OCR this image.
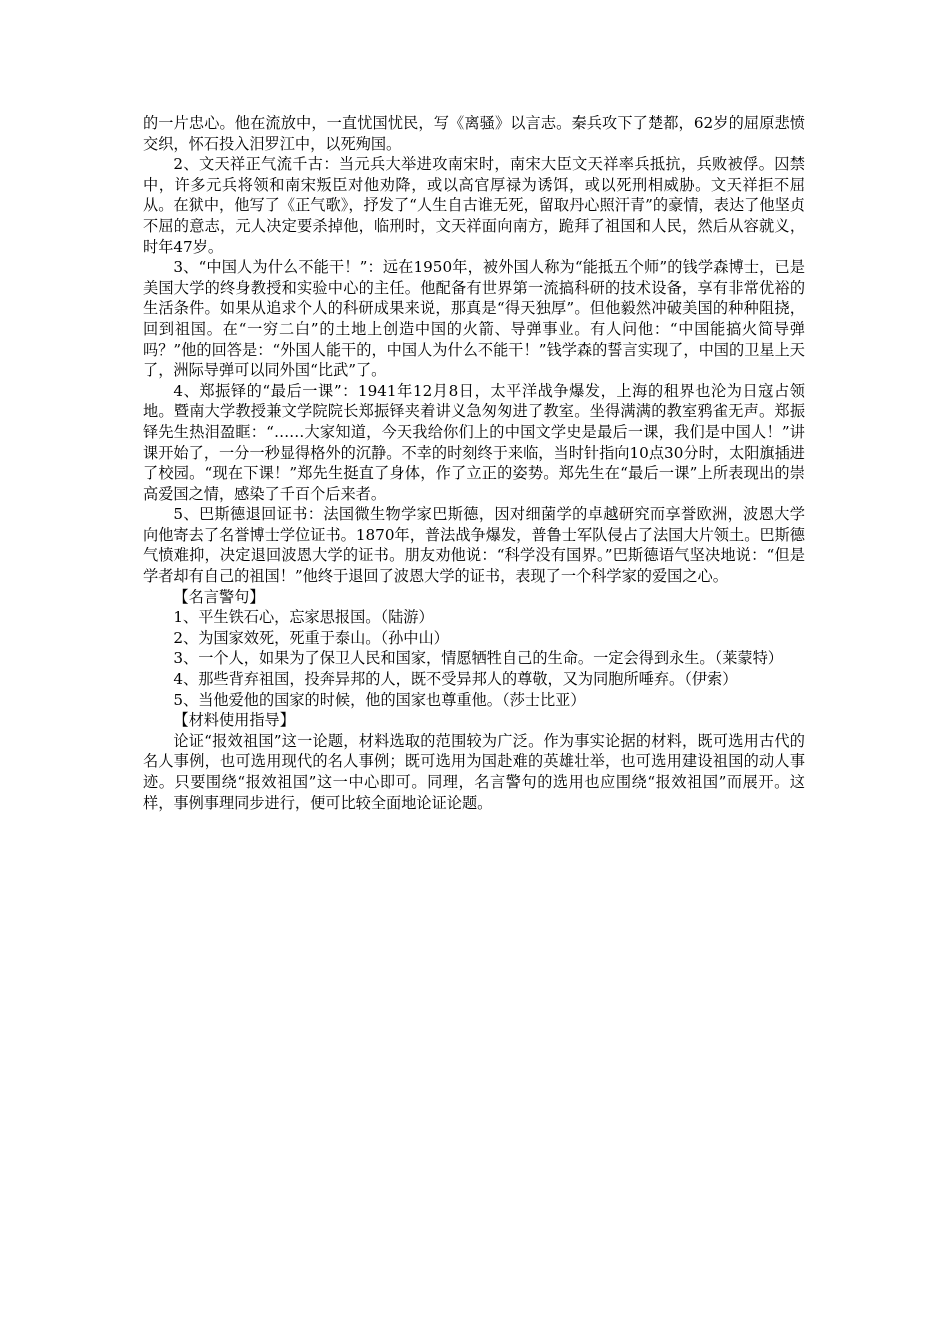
的一片忠心。他在流放中，一直忧国忧民，写《离骚》以言志。秦兵攻下了楚都，62岁的屈原悲愤交织，怀石投入汨罗江中，以死殉国。

2、文天祥正气流千古：当元兵大举进攻南宋时，南宋大臣文天祥率兵抵抗，兵败被俘。囚禁中，许多元兵将领和南宋叛臣对他劝降，或以高官厚禄为诱饵，或以死刑相威胁。文天祥拒不屈从。在狱中，他写了《正气歌》，抒发了“人生自古谁无死，留取丹心照汗青”的豪情，表达了他坚贞不屈的意志，元人决定要杀掉他，临刑时，文天祥面向南方，跪拜了祖国和人民，然后从容就义，时年47岁。

3、“中国人为什么不能干！”：远在1950年，被外国人称为“能抵五个师”的钱学森博士，已是美国大学的终身教授和实验中心的主任。他配备有世界第一流搞科研的技术设备，享有非常优裕的生活条件。如果从追求个人的科研成果来说，那真是“得天独厚”。但他毅然冲破美国的种种阻挠，回到祖国。在“一穷二白”的土地上创造中国的火箭、导弹事业。有人问他：“中国能搞火简导弹吗？”他的回答是：“外国人能干的，中国人为什么不能干！”钱学森的誓言实现了，中国的卫星上天了，洲际导弹可以同外国“比武”了。

4、郑振铎的“最后一课”：1941年12月8日，太平洋战争爆发，上海的租界也沦为日寇占领地。暨南大学教授兼文学院院长郑振铎夹着讲义急匆匆进了教室。坐得满满的教室鸦雀无声。郑振铎先生热泪盈眶：“……大家知道，今天我给你们上的中国文学史是最后一课，我们是中国人！”讲课开始了，一分一秒显得格外的沉静。不幸的时刻终于来临，当时针指向10点30分时，太阳旗插进了校园。“现在下课！”郑先生挺直了身体，作了立正的姿势。郑先生在“最后一课”上所表现出的崇高爱国之情，感染了千百个后来者。

5、巴斯德退回证书：法国微生物学家巴斯德，因对细菌学的卓越研究而享誉欧洲，波恩大学向他寄去了名誉博士学位证书。1870年，普法战争爆发，普鲁士军队侵占了法国大片领土。巴斯德气愤难抑，决定退回波恩大学的证书。朋友劝他说：“科学没有国界。”巴斯德语气坚决地说：“但是学者却有自己的祖国！”他终于退回了波恩大学的证书，表现了一个科学家的爱国之心。

【名言警句】

1、平生铁石心，忘家思报国。（陆游）

2、为国家效死，死重于泰山。（孙中山）

3、一个人，如果为了保卫人民和国家，情愿牺牲自己的生命。一定会得到永生。（莱蒙特）

4、那些背弃祖国，投奔异邦的人，既不受异邦人的尊敬，又为同胞所唾弃。（伊索）

5、当他爱他的国家的时候，他的国家也尊重他。（莎士比亚）

【材料使用指导】

论证“报效祖国”这一论题，材料选取的范围较为广泛。作为事实论据的材料，既可选用古代的名人事例，也可选用现代的名人事例；既可选用为国赴难的英雄壮举，也可选用建设祖国的动人事迹。只要围绕“报效祖国”这一中心即可。同理，名言警句的选用也应围绕“报效祖国”而展开。这样，事例事理同步进行，便可比较全面地论证论题。
